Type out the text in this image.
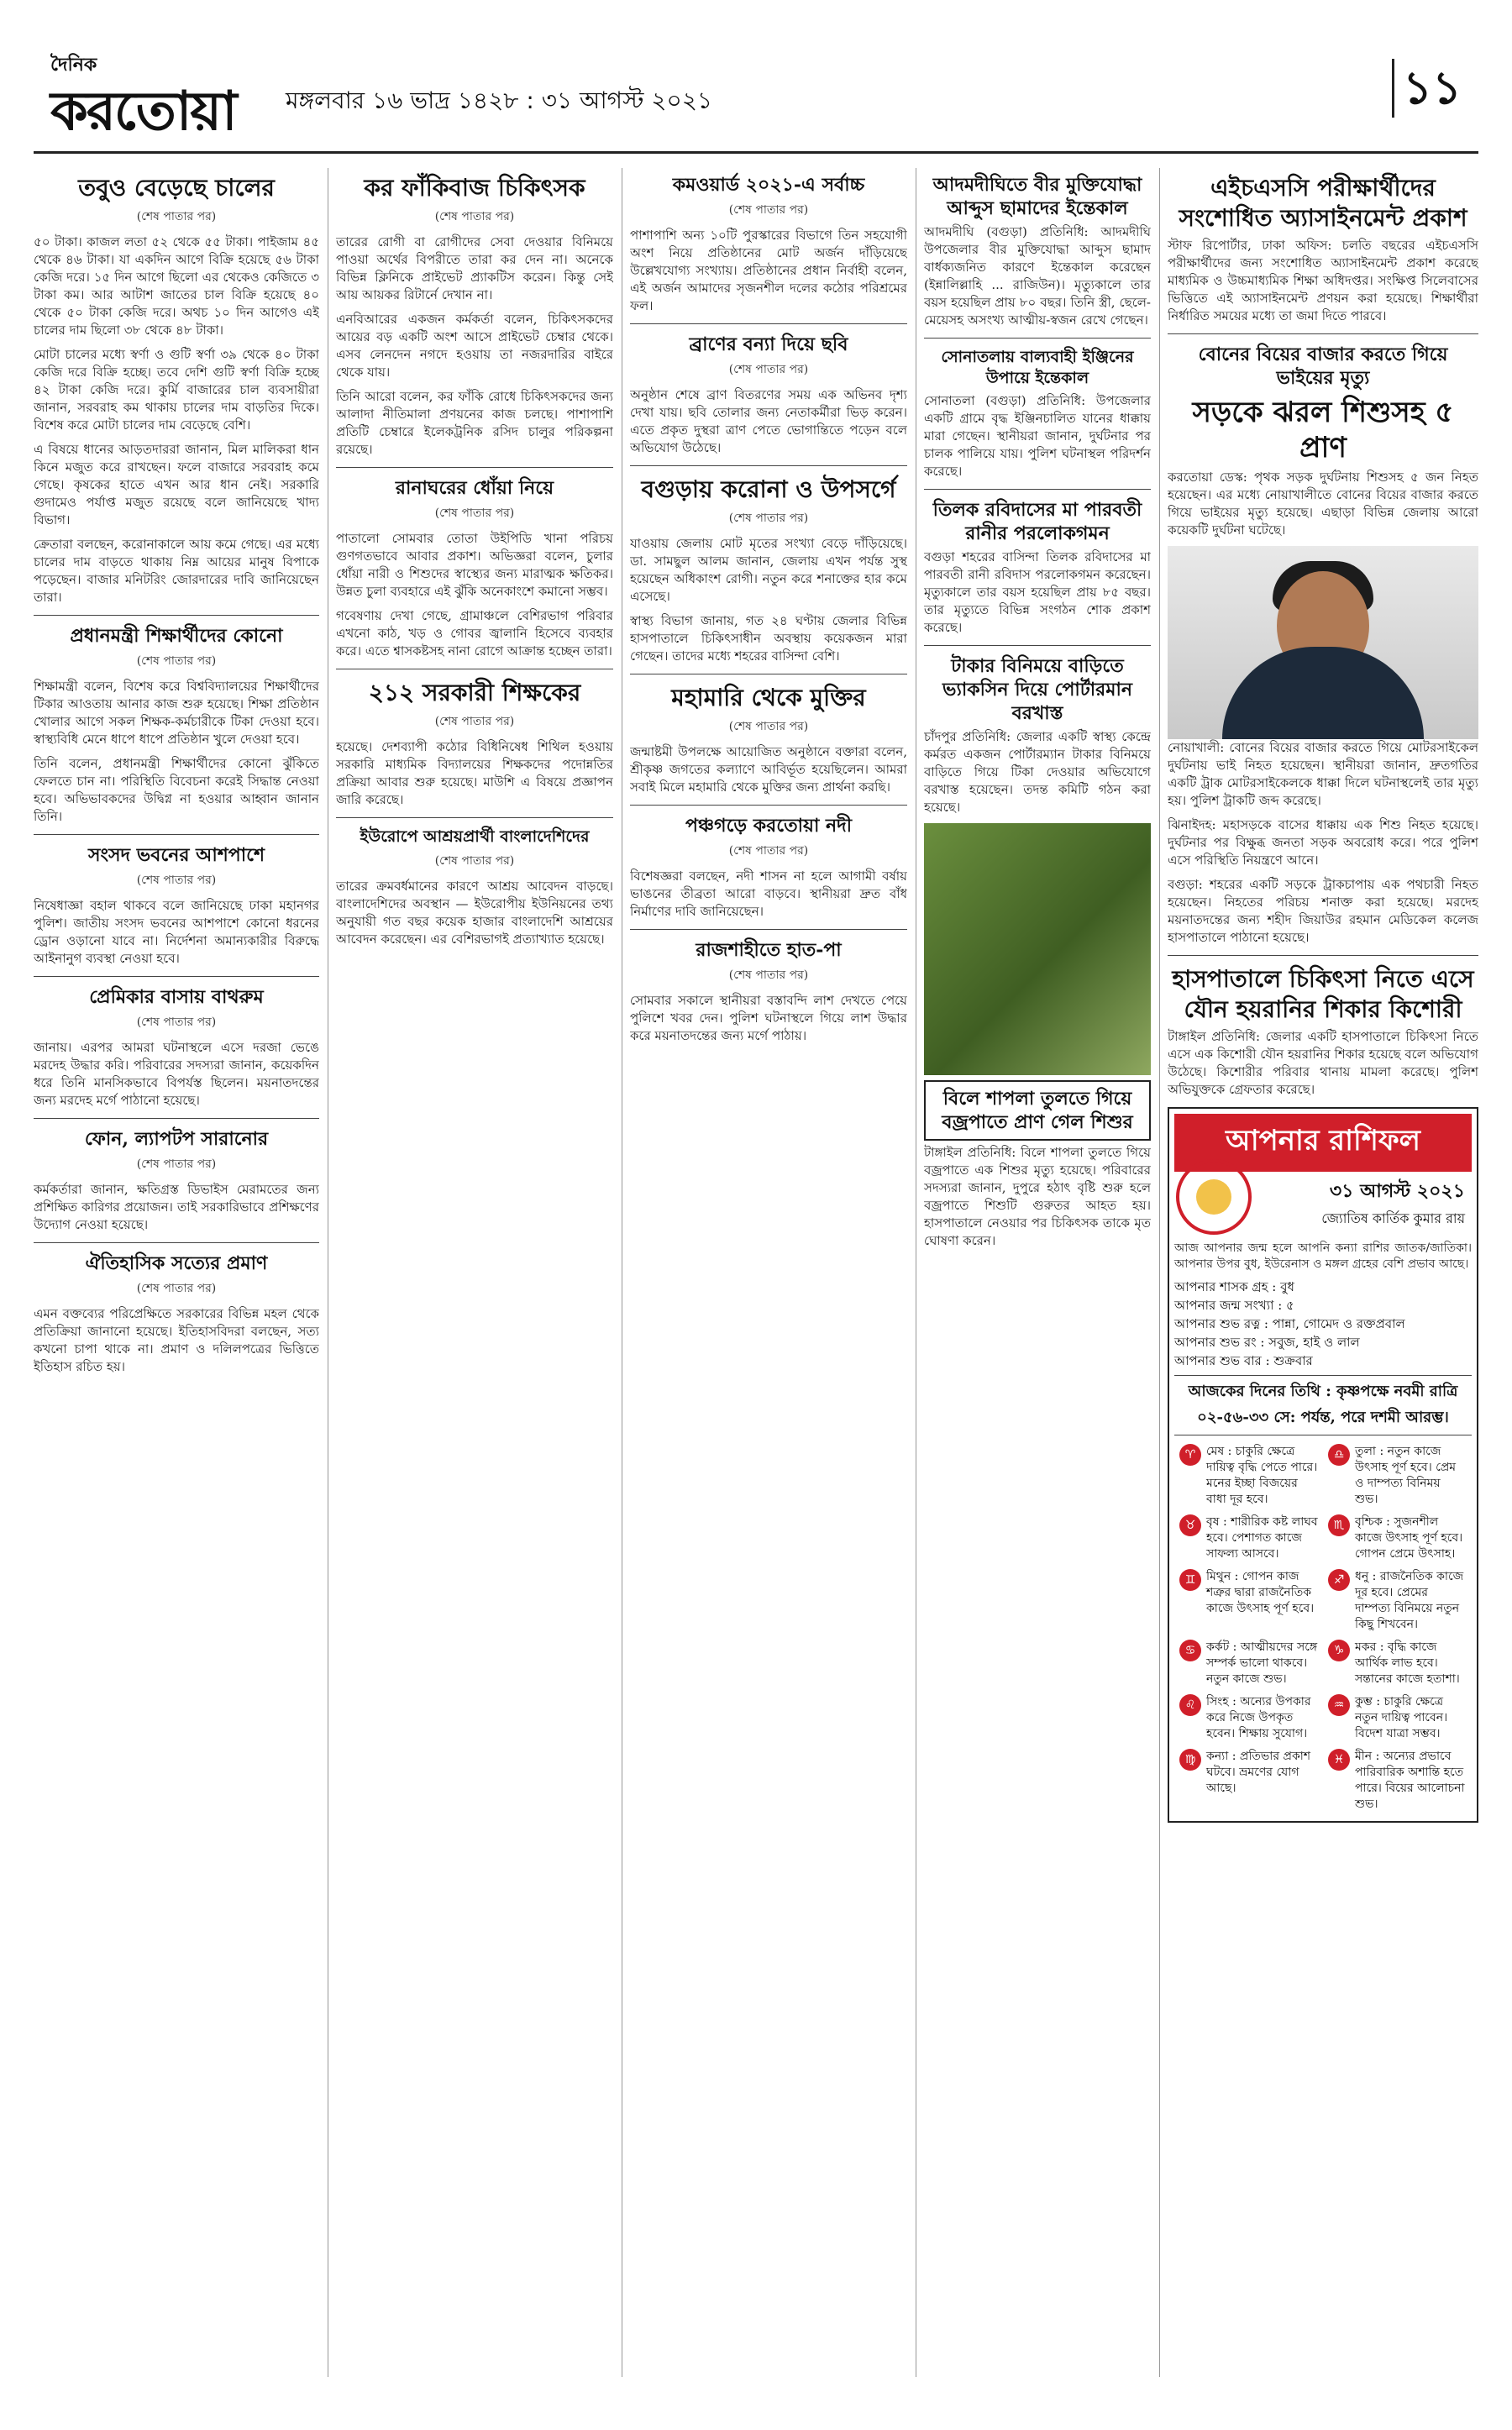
দৈনিক
করতোয়া মঙ্গলবার ১৬ ভাদ্র ১৪২৮ : ৩১ আগস্ট ২০২১	১১
তবুও বেড়েছে চালের
(শেষ পাতার পর)

৫০ টাকা। কাজল লতা ৫২ থেকে ৫৫ টাকা। পাইজাম ৪৫ থেকে ৪৬ টাকা। যা একদিন আগে বিক্রি হয়েছে ৫৬ টাকা কেজি দরে। ১৫ দিন আগে ছিলো এর থেকেও কেজিতে ৩ টাকা কম। আর আটাশ জাতের চাল বিক্রি হয়েছে ৪০ থেকে ৫০ টাকা কেজি দরে। অথচ ১০ দিন আগেও এই চালের দাম ছিলো ৩৮ থেকে ৪৮ টাকা।

মোটা চালের মধ্যে স্বর্ণা ও গুটি স্বর্ণা ৩৯ থেকে ৪০ টাকা কেজি দরে বিক্রি হচ্ছে। তবে দেশি গুটি স্বর্ণা বিক্রি হচ্ছে ৪২ টাকা কেজি দরে। কুর্মি বাজারের চাল ব্যবসায়ীরা জানান, সরবরাহ কম থাকায় চালের দাম বাড়তির দিকে। বিশেষ করে মোটা চালের দাম বেড়েছে বেশি।

এ বিষয়ে ধানের আড়তদাররা জানান, মিল মালিকরা ধান কিনে মজুত করে রাখছেন। ফলে বাজারে সরবরাহ কমে গেছে। কৃষকের হাতে এখন আর ধান নেই। সরকারি গুদামেও পর্যাপ্ত মজুত রয়েছে বলে জানিয়েছে খাদ্য বিভাগ।

ক্রেতারা বলছেন, করোনাকালে আয় কমে গেছে। এর মধ্যে চালের দাম বাড়তে থাকায় নিম্ন আয়ের মানুষ বিপাকে পড়েছেন। বাজার মনিটরিং জোরদারের দাবি জানিয়েছেন তারা।

প্রধানমন্ত্রী শিক্ষার্থীদের কোনো
(শেষ পাতার পর)

শিক্ষামন্ত্রী বলেন, বিশেষ করে বিশ্ববিদ্যালয়ের শিক্ষার্থীদের টিকার আওতায় আনার কাজ শুরু হয়েছে। শিক্ষা প্রতিষ্ঠান খোলার আগে সকল শিক্ষক-কর্মচারীকে টিকা দেওয়া হবে। স্বাস্থ্যবিধি মেনে ধাপে ধাপে প্রতিষ্ঠান খুলে দেওয়া হবে।

তিনি বলেন, প্রধানমন্ত্রী শিক্ষার্থীদের কোনো ঝুঁকিতে ফেলতে চান না। পরিস্থিতি বিবেচনা করেই সিদ্ধান্ত নেওয়া হবে। অভিভাবকদের উদ্বিগ্ন না হওয়ার আহ্বান জানান তিনি।

সংসদ ভবনের আশপাশে
(শেষ পাতার পর)

নিষেধাজ্ঞা বহাল থাকবে বলে জানিয়েছে ঢাকা মহানগর পুলিশ। জাতীয় সংসদ ভবনের আশপাশে কোনো ধরনের ড্রোন ওড়ানো যাবে না। নির্দেশনা অমান্যকারীর বিরুদ্ধে আইনানুগ ব্যবস্থা নেওয়া হবে।

প্রেমিকার বাসায় বাথরুম
(শেষ পাতার পর)

জানায়। এরপর আমরা ঘটনাস্থলে এসে দরজা ভেঙে মরদেহ উদ্ধার করি। পরিবারের সদস্যরা জানান, কয়েকদিন ধরে তিনি মানসিকভাবে বিপর্যস্ত ছিলেন। ময়নাতদন্তের জন্য মরদেহ মর্গে পাঠানো হয়েছে।

ফোন, ল্যাপটপ সারানোর
(শেষ পাতার পর)

কর্মকর্তারা জানান, ক্ষতিগ্রস্ত ডিভাইস মেরামতের জন্য প্রশিক্ষিত কারিগর প্রয়োজন। তাই সরকারিভাবে প্রশিক্ষণের উদ্যোগ নেওয়া হয়েছে।

ঐতিহাসিক সত্যের প্রমাণ
(শেষ পাতার পর)

এমন বক্তব্যের পরিপ্রেক্ষিতে সরকারের বিভিন্ন মহল থেকে প্রতিক্রিয়া জানানো হয়েছে। ইতিহাসবিদরা বলছেন, সত্য কখনো চাপা থাকে না। প্রমাণ ও দলিলপত্রের ভিত্তিতে ইতিহাস রচিত হয়।

কর ফাঁকিবাজ চিকিৎসক
(শেষ পাতার পর)

তারের রোগী বা রোগীদের সেবা দেওয়ার বিনিময়ে পাওয়া অর্থের বিপরীতে তারা কর দেন না। অনেকে বিভিন্ন ক্লিনিকে প্রাইভেট প্র্যাকটিস করেন। কিন্তু সেই আয় আয়কর রিটার্নে দেখান না।

এনবিআরের একজন কর্মকর্তা বলেন, চিকিৎসকদের আয়ের বড় একটি অংশ আসে প্রাইভেট চেম্বার থেকে। এসব লেনদেন নগদে হওয়ায় তা নজরদারির বাইরে থেকে যায়।

তিনি আরো বলেন, কর ফাঁকি রোধে চিকিৎসকদের জন্য আলাদা নীতিমালা প্রণয়নের কাজ চলছে। পাশাপাশি প্রতিটি চেম্বারে ইলেকট্রনিক রসিদ চালুর পরিকল্পনা রয়েছে।

রানাঘরের ধোঁয়া নিয়ে
(শেষ পাতার পর)

পাতালো সোমবার তোতা উইপিডি খানা পরিচয় গুণগতভাবে আবার প্রকাশ। অভিজ্ঞরা বলেন, চুলার ধোঁয়া নারী ও শিশুদের স্বাস্থ্যের জন্য মারাত্মক ক্ষতিকর। উন্নত চুলা ব্যবহারে এই ঝুঁকি অনেকাংশে কমানো সম্ভব।

গবেষণায় দেখা গেছে, গ্রামাঞ্চলে বেশিরভাগ পরিবার এখনো কাঠ, খড় ও গোবর জ্বালানি হিসেবে ব্যবহার করে। এতে শ্বাসকষ্টসহ নানা রোগে আক্রান্ত হচ্ছেন তারা।

২১২ সরকারী শিক্ষকের
(শেষ পাতার পর)

হয়েছে। দেশব্যাপী কঠোর বিধিনিষেধ শিথিল হওয়ায় সরকারি মাধ্যমিক বিদ্যালয়ের শিক্ষকদের পদোন্নতির প্রক্রিয়া আবার শুরু হয়েছে। মাউশি এ বিষয়ে প্রজ্ঞাপন জারি করেছে।

ইউরোপে আশ্রয়প্রার্থী বাংলাদেশিদের
(শেষ পাতার পর)

তারের ক্রমবর্ধমানের কারণে আশ্রয় আবেদন বাড়ছে। বাংলাদেশিদের অবস্থান — ইউরোপীয় ইউনিয়নের তথ্য অনুযায়ী গত বছর কয়েক হাজার বাংলাদেশি আশ্রয়ের আবেদন করেছেন। এর বেশিরভাগই প্রত্যাখ্যাত হয়েছে।

কমওয়ার্ড ২০২১-এ সর্বাচ্চ
(শেষ পাতার পর)

পাশাপাশি অন্য ১০টি পুরস্কারের বিভাগে তিন সহযোগী অংশ নিয়ে প্রতিষ্ঠানের মোট অর্জন দাঁড়িয়েছে উল্লেখযোগ্য সংখ্যায়। প্রতিষ্ঠানের প্রধান নির্বাহী বলেন, এই অর্জন আমাদের সৃজনশীল দলের কঠোর পরিশ্রমের ফল।

ব্রাণের বন্যা দিয়ে ছবি
(শেষ পাতার পর)

অনুষ্ঠান শেষে ব্রাণ বিতরণের সময় এক অভিনব দৃশ্য দেখা যায়। ছবি তোলার জন্য নেতাকর্মীরা ভিড় করেন। এতে প্রকৃত দুস্থরা ত্রাণ পেতে ভোগান্তিতে পড়েন বলে অভিযোগ উঠেছে।

বগুড়ায় করোনা ও উপসর্গে
(শেষ পাতার পর)

যাওয়ায় জেলায় মোট মৃতের সংখ্যা বেড়ে দাঁড়িয়েছে। ডা. সামছুল আলম জানান, জেলায় এখন পর্যন্ত সুস্থ হয়েছেন অধিকাংশ রোগী। নতুন করে শনাক্তের হার কমে এসেছে।

স্বাস্থ্য বিভাগ জানায়, গত ২৪ ঘণ্টায় জেলার বিভিন্ন হাসপাতালে চিকিৎসাধীন অবস্থায় কয়েকজন মারা গেছেন। তাদের মধ্যে শহরের বাসিন্দা বেশি।

মহামারি থেকে মুক্তির
(শেষ পাতার পর)

জন্মাষ্টমী উপলক্ষে আয়োজিত অনুষ্ঠানে বক্তারা বলেন, শ্রীকৃষ্ণ জগতের কল্যাণে আবির্ভূত হয়েছিলেন। আমরা সবাই মিলে মহামারি থেকে মুক্তির জন্য প্রার্থনা করছি।

পঞ্চগড়ে করতোয়া নদী
(শেষ পাতার পর)

বিশেষজ্ঞরা বলছেন, নদী শাসন না হলে আগামী বর্ষায় ভাঙনের তীব্রতা আরো বাড়বে। স্থানীয়রা দ্রুত বাঁধ নির্মাণের দাবি জানিয়েছেন।

রাজশাহীতে হাত-পা
(শেষ পাতার পর)

সোমবার সকালে স্থানীয়রা বস্তাবন্দি লাশ দেখতে পেয়ে পুলিশে খবর দেন। পুলিশ ঘটনাস্থলে গিয়ে লাশ উদ্ধার করে ময়নাতদন্তের জন্য মর্গে পাঠায়।

আদমদীঘিতে বীর মুক্তিযোদ্ধা আব্দুস ছামাদের ইন্তেকাল

আদমদীঘি (বগুড়া) প্রতিনিধি: আদমদীঘি উপজেলার বীর মুক্তিযোদ্ধা আব্দুস ছামাদ বার্ধক্যজনিত কারণে ইন্তেকাল করেছেন (ইন্নালিল্লাহি ... রাজিউন)। মৃত্যুকালে তার বয়স হয়েছিল প্রায় ৮০ বছর। তিনি স্ত্রী, ছেলে-মেয়েসহ অসংখ্য আত্মীয়-স্বজন রেখে গেছেন।

সোনাতলায় বাল্যবাহী ইঞ্জিনের উপায়ে ইন্তেকাল

সোনাতলা (বগুড়া) প্রতিনিধি: উপজেলার একটি গ্রামে বৃদ্ধ ইঞ্জিনচালিত যানের ধাক্কায় মারা গেছেন। স্থানীয়রা জানান, দুর্ঘটনার পর চালক পালিয়ে যায়। পুলিশ ঘটনাস্থল পরিদর্শন করেছে।

তিলক রবিদাসের মা পারবতী রানীর পরলোকগমন

বগুড়া শহরের বাসিন্দা তিলক রবিদাসের মা পারবতী রানী রবিদাস পরলোকগমন করেছেন। মৃত্যুকালে তার বয়স হয়েছিল প্রায় ৮৫ বছর। তার মৃত্যুতে বিভিন্ন সংগঠন শোক প্রকাশ করেছে।

টাকার বিনিময়ে বাড়িতে ভ্যাকসিন দিয়ে পোর্টারমান বরখাস্ত

চাঁদপুর প্রতিনিধি: জেলার একটি স্বাস্থ্য কেন্দ্রে কর্মরত একজন পোর্টারম্যান টাকার বিনিময়ে বাড়িতে গিয়ে টিকা দেওয়ার অভিযোগে বরখাস্ত হয়েছেন। তদন্ত কমিটি গঠন করা হয়েছে।

বিলে শাপলা তুলতে গিয়ে বজ্রপাতে প্রাণ গেল শিশুর

টাঙ্গাইল প্রতিনিধি: বিলে শাপলা তুলতে গিয়ে বজ্রপাতে এক শিশুর মৃত্যু হয়েছে। পরিবারের সদস্যরা জানান, দুপুরে হঠাৎ বৃষ্টি শুরু হলে বজ্রপাতে শিশুটি গুরুতর আহত হয়। হাসপাতালে নেওয়ার পর চিকিৎসক তাকে মৃত ঘোষণা করেন।

এইচএসসি পরীক্ষার্থীদের সংশোধিত অ্যাসাইনমেন্ট প্রকাশ

স্টাফ রিপোর্টার, ঢাকা অফিস: চলতি বছরের এইচএসসি পরীক্ষার্থীদের জন্য সংশোধিত অ্যাসাইনমেন্ট প্রকাশ করেছে মাধ্যমিক ও উচ্চমাধ্যমিক শিক্ষা অধিদপ্তর। সংক্ষিপ্ত সিলেবাসের ভিত্তিতে এই অ্যাসাইনমেন্ট প্রণয়ন করা হয়েছে। শিক্ষার্থীরা নির্ধারিত সময়ের মধ্যে তা জমা দিতে পারবে।

বোনের বিয়ের বাজার করতে গিয়ে ভাইয়ের মৃত্যু
সড়কে ঝরল শিশুসহ ৫ প্রাণ

করতোয়া ডেস্ক: পৃথক সড়ক দুর্ঘটনায় শিশুসহ ৫ জন নিহত হয়েছেন। এর মধ্যে নোয়াখালীতে বোনের বিয়ের বাজার করতে গিয়ে ভাইয়ের মৃত্যু হয়েছে। এছাড়া বিভিন্ন জেলায় আরো কয়েকটি দুর্ঘটনা ঘটেছে।

নোয়াখালী: বোনের বিয়ের বাজার করতে গিয়ে মোটরসাইকেল দুর্ঘটনায় ভাই নিহত হয়েছেন। স্থানীয়রা জানান, দ্রুতগতির একটি ট্রাক মোটরসাইকেলকে ধাক্কা দিলে ঘটনাস্থলেই তার মৃত্যু হয়। পুলিশ ট্রাকটি জব্দ করেছে।

ঝিনাইদহ: মহাসড়কে বাসের ধাক্কায় এক শিশু নিহত হয়েছে। দুর্ঘটনার পর বিক্ষুব্ধ জনতা সড়ক অবরোধ করে। পরে পুলিশ এসে পরিস্থিতি নিয়ন্ত্রণে আনে।

বগুড়া: শহরের একটি সড়কে ট্রাকচাপায় এক পথচারী নিহত হয়েছেন। নিহতের পরিচয় শনাক্ত করা হয়েছে। মরদেহ ময়নাতদন্তের জন্য শহীদ জিয়াউর রহমান মেডিকেল কলেজ হাসপাতালে পাঠানো হয়েছে।

হাসপাতালে চিকিৎসা নিতে এসে যৌন হয়রানির শিকার কিশোরী

টাঙ্গাইল প্রতিনিধি: জেলার একটি হাসপাতালে চিকিৎসা নিতে এসে এক কিশোরী যৌন হয়রানির শিকার হয়েছে বলে অভিযোগ উঠেছে। কিশোরীর পরিবার থানায় মামলা করেছে। পুলিশ অভিযুক্তকে গ্রেফতার করেছে।

আপনার রাশিফল
৩১ আগস্ট ২০২১
জ্যোতিষ কার্তিক কুমার রায়

আজ আপনার জন্ম হলে আপনি কন্যা রাশির জাতক/জাতিকা। আপনার উপর বুধ, ইউরেনাস ও মঙ্গল গ্রহের বেশি প্রভাব আছে।

আপনার শাসক গ্রহ : বুধ
আপনার জন্ম সংখ্যা : ৫
আপনার শুভ রত্ন : পান্না, গোমেদ ও রক্তপ্রবাল
আপনার শুভ রং : সবুজ, হাই ও লাল
আপনার শুভ বার : শুক্রবার
আজকের দিনের তিথি : কৃষ্ণপক্ষে নবমী রাত্রি
০২-৫৬-৩৩ সে: পর্যন্ত, পরে দশমী আরম্ভ।
♈ মেষ : চাকুরি ক্ষেত্রে দায়িত্ব বৃদ্ধি পেতে পারে। মনের ইচ্ছা বিজয়ের বাধা দূর হবে।
♎ তুলা : নতুন কাজে উৎসাহ পূর্ণ হবে। প্রেম ও দাম্পত্য বিনিময় শুভ।
♉ বৃষ : শারীরিক কষ্ট লাঘব হবে। পেশাগত কাজে সাফল্য আসবে।
♏ বৃশ্চিক : সুজনশীল কাজে উৎসাহ পূর্ণ হবে। গোপন প্রেমে উৎসাহ।
♊ মিথুন : গোপন কাজ শত্রুর দ্বারা রাজনৈতিক কাজে উৎসাহ পূর্ণ হবে।
♐ ধনু : রাজনৈতিক কাজে দূর হবে। প্রেমের দাম্পত্য বিনিময়ে নতুন কিছু শিখবেন।
♋ কর্কট : আত্মীয়দের সঙ্গে সম্পর্ক ভালো থাকবে। নতুন কাজে শুভ।
♑ মকর : বৃদ্ধি কাজে আর্থিক লাভ হবে। সন্তানের কাজে হতাশা।
♌ সিংহ : অন্যের উপকার করে নিজে উপকৃত হবেন। শিক্ষায় সুযোগ।
♒ কুম্ভ : চাকুরি ক্ষেত্রে নতুন দায়িত্ব পাবেন। বিদেশ যাত্রা সম্ভব।
♍ কন্যা : প্রতিভার প্রকাশ ঘটবে। ভ্রমণের যোগ আছে।
♓ মীন : অন্যের প্রভাবে পারিবারিক অশান্তি হতে পারে। বিয়ের আলোচনা শুভ।
